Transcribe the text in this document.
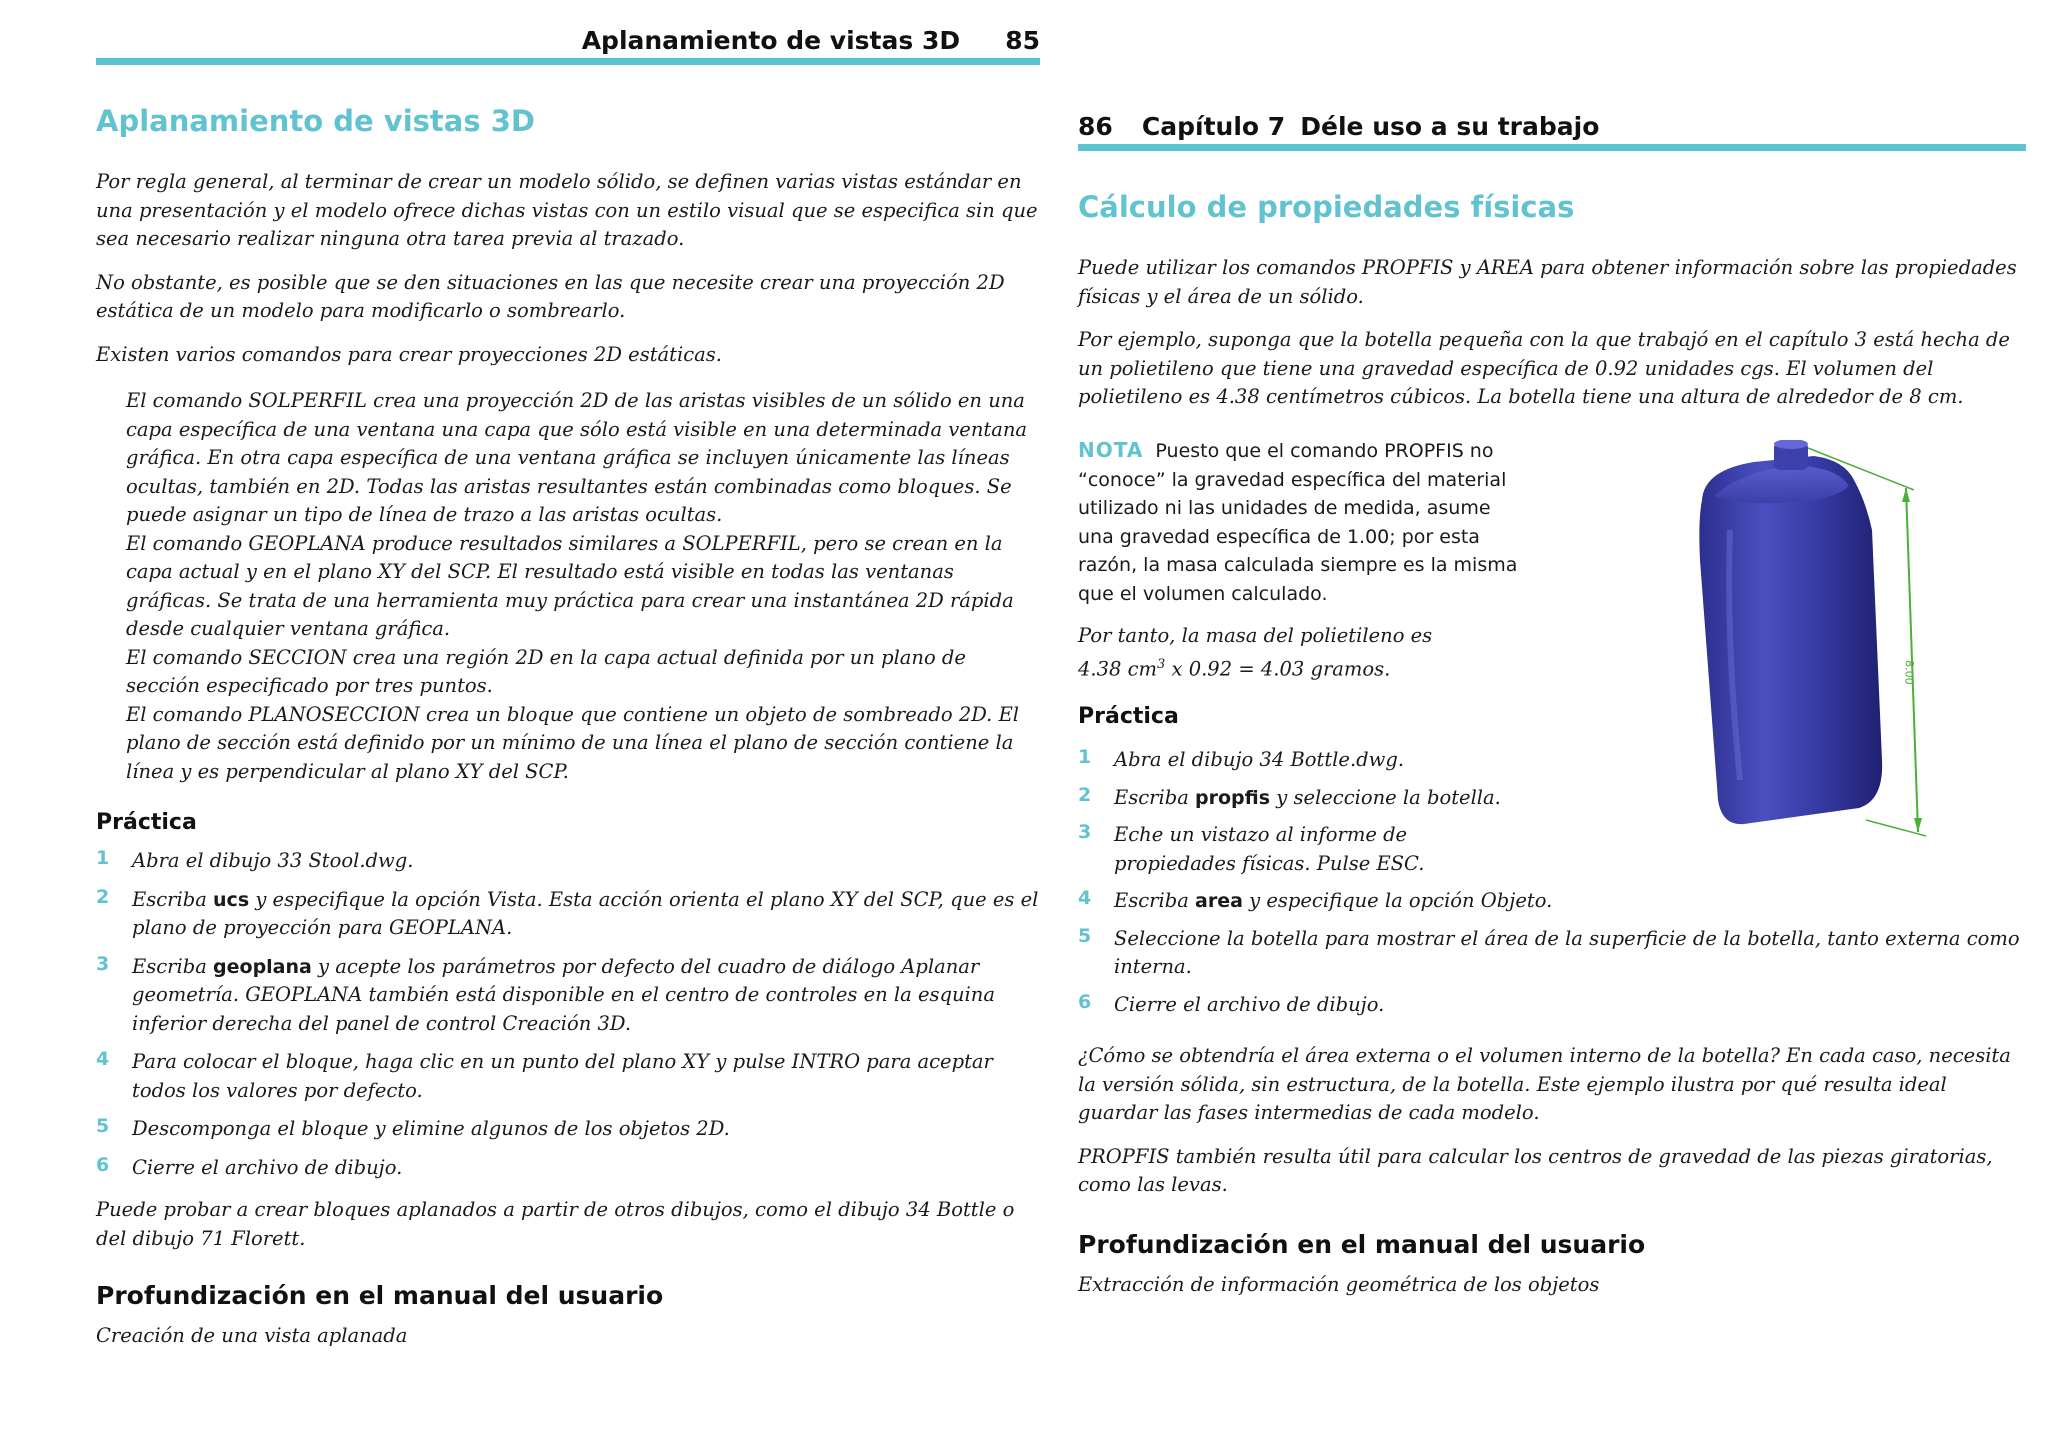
Aplanamiento de vistas 3D 85
Aplanamiento de vistas 3D

Por regla general, al terminar de crear un modelo sólido, se definen varias vistas estándar en una presentación y el modelo ofrece dichas vistas con un estilo visual que se especifica sin que sea necesario realizar ninguna otra tarea previa al trazado.

No obstante, es posible que se den situaciones en las que necesite crear una proyección 2D estática de un modelo para modificarlo o sombrearlo.

Existen varios comandos para crear proyecciones 2D estáticas.

El comando SOLPERFIL crea una proyección 2D de las aristas visibles de un sólido en una capa específica de una ventana una capa que sólo está visible en una determinada ventana gráfica. En otra capa específica de una ventana gráfica se incluyen únicamente las líneas ocultas, también en 2D. Todas las aristas resultantes están combinadas como bloques. Se puede asignar un tipo de línea de trazo a las aristas ocultas.

El comando GEOPLANA produce resultados similares a SOLPERFIL, pero se crean en la capa actual y en el plano XY del SCP. El resultado está visible en todas las ventanas gráficas. Se trata de una herramienta muy práctica para crear una instantánea 2D rápida desde cualquier ventana gráfica.

El comando SECCION crea una región 2D en la capa actual definida por un plano de sección especificado por tres puntos.

El comando PLANOSECCION crea un bloque que contiene un objeto de sombreado 2D. El plano de sección está definido por un mínimo de una línea el plano de sección contiene la línea y es perpendicular al plano XY del SCP.

Práctica
1	Abra el dibujo 33 Stool.dwg.
2	Escriba ucs y especifique la opción Vista. Esta acción orienta el plano XY del SCP, que es el plano de proyección para GEOPLANA.
3	Escriba geoplana y acepte los parámetros por defecto del cuadro de diálogo Aplanar geometría. GEOPLANA también está disponible en el centro de controles en la esquina inferior derecha del panel de control Creación 3D.
4	Para colocar el bloque, haga clic en un punto del plano XY y pulse INTRO para aceptar todos los valores por defecto.
5	Descomponga el bloque y elimine algunos de los objetos 2D.
6	Cierre el archivo de dibujo.

Puede probar a crear bloques aplanados a partir de otros dibujos, como el dibujo 34 Bottle o del dibujo 71 Florett.

Profundización en el manual del usuario

Creación de una vista aplanada

86 Capítulo 7 Déle uso a su trabajo
Cálculo de propiedades físicas

Puede utilizar los comandos PROPFIS y AREA para obtener información sobre las propiedades físicas y el área de un sólido.

Por ejemplo, suponga que la botella pequeña con la que trabajó en el capítulo 3 está hecha de un polietileno que tiene una gravedad específica de 0.92 unidades cgs. El volumen del polietileno es 4.38 centímetros cúbicos. La botella tiene una altura de alrededor de 8 cm.

NOTA Puesto que el comando PROPFIS no “conoce” la gravedad específica del material utilizado ni las unidades de medida, asume una gravedad específica de 1.00; por esta razón, la masa calculada siempre es la misma que el volumen calculado.

Por tanto, la masa del polietileno es

4.38 $cm^3$ x 0.92 = 4.03 gramos.

Práctica
1	Abra el dibujo 34 Bottle.dwg.
2	Escriba propfis y seleccione la botella.
3	Eche un vistazo al informe de propiedades físicas. Pulse ESC.
4	Escriba area y especifique la opción Objeto.
5	Seleccione la botella para mostrar el área de la superficie de la botella, tanto externa como interna.
6	Cierre el archivo de dibujo.

¿Cómo se obtendría el área externa o el volumen interno de la botella? En cada caso, necesita la versión sólida, sin estructura, de la botella. Este ejemplo ilustra por qué resulta ideal guardar las fases intermedias de cada modelo.

PROPFIS también resulta útil para calcular los centros de gravedad de las piezas giratorias, como las levas.

Profundización en el manual del usuario

Extracción de información geométrica de los objetos

8.00
